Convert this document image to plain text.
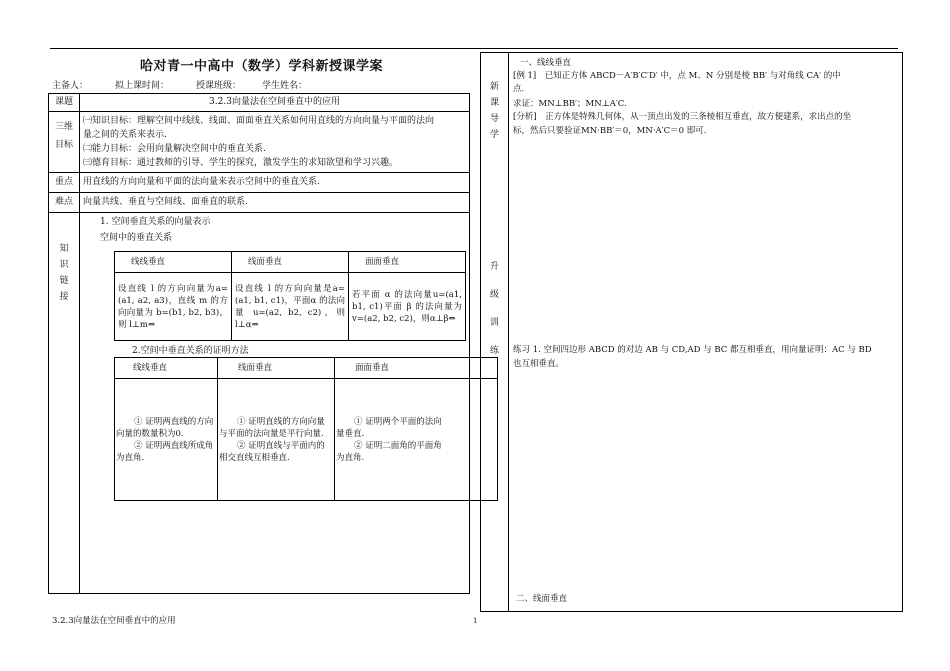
哈对青一中高中（数学）学科新授课学案
主备人：	拟上课时间：	授课班级： 学生姓名：
课题	3.2.3向量法在空间垂直中的应用
三维
目标	
㈠知识目标：理解空间中线线、线面、面面垂直关系如何用直线的方向向量与平面的法向
量之间的关系来表示.
㈡能力目标：会用向量解决空间中的垂直关系.
㈢德育目标：通过教师的引导、学生的探究，激发学生的求知欲望和学习兴趣。

重点	用直线的方向向量和平面的法向量来表示空间中的垂直关系.
难点	向量共线、垂直与空间线、面垂直的联系.

知
识
链
接

1. 空间垂直关系的向量表示
空间中的垂直关系
线线垂直	线面垂直	面面垂直
设直线 l 的方向向量为a=(a1, a2, a3)，直线 m 的方向向量为 b=(b1, b2, b3)，则 l⊥m⇔	设直线 l 的方向向量是a=(a1, b1, c1)，平面α 的法向量 u=(a2, b2, c2)，则 l⊥α⇔	若平面 α 的法向量u=(a1, b1, c1)平面 β 的法向量为 v=(a2, b2, c2)，则α⊥β⇔
2.空间中垂直关系的证明方法
线线垂直	线面垂直	面面垂直

① 证明两直线的方向向量的数量积为0.
② 证明两直线所成角为直角.

① 证明直线的方向向量与平面的法向量是平行向量.
② 证明直线与平面内的相交直线互相垂直.

① 证明两个平面的法向量垂直.
② 证明二面角的平面角为直角.
新
课
导
学
升
级
训
练

一、线线垂直
[例 1]　已知正方体 ABCD－A′B′C′D′ 中，点 M、N 分别是棱 BB′ 与对角线 CA′ 的中
点.
求证：MN⊥BB′；MN⊥A′C.
[分析]　正方体是特殊几何体，从一顶点出发的三条棱相互垂直，故方便建系，求出点的坐
标，然后只要验证MN·BB′＝0，MN·A′C＝0 即可.
练习 1. 空间四边形 ABCD 的对边 AB 与 CD,AD 与 BC 都互相垂直，用向量证明：AC 与 BD
也互相垂直。
二、线面垂直
3.2.3向量法在空间垂直中的应用	1
